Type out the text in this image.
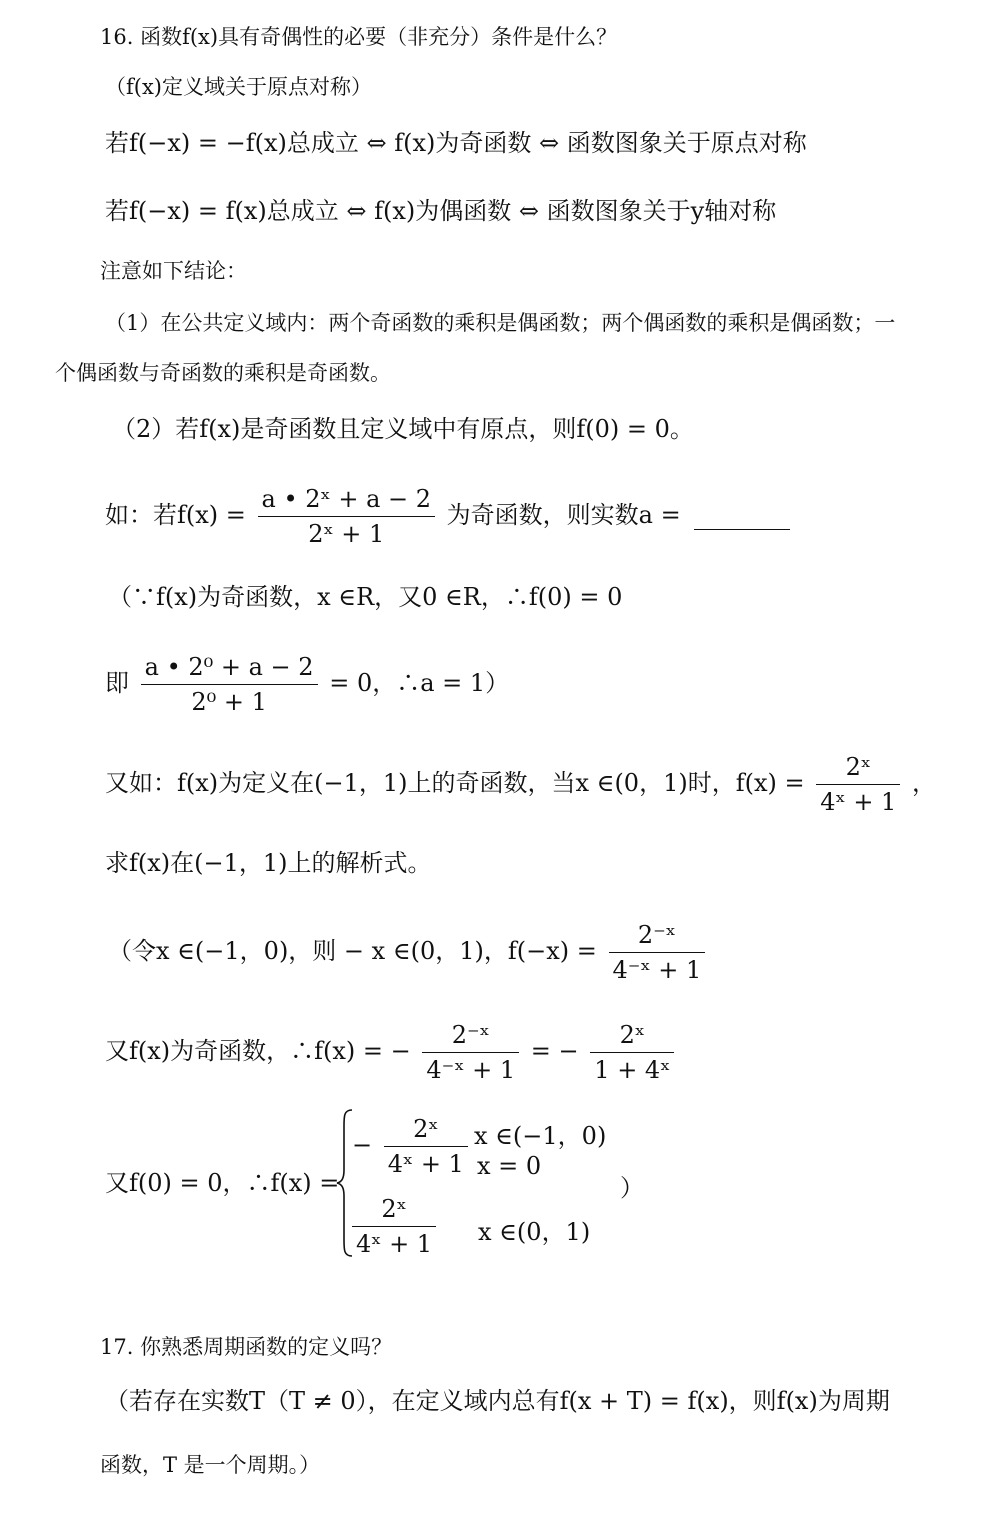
16. 函数f(x)具有奇偶性的必要（非充分）条件是什么？
（f(x)定义域关于原点对称）
若f(−x) = −f(x)总成立 ⇔ f(x)为奇函数 ⇔ 函数图象关于原点对称
若f(−x) = f(x)总成立 ⇔ f(x)为偶函数 ⇔ 函数图象关于y轴对称
注意如下结论：
（1）在公共定义域内：两个奇函数的乘积是偶函数；两个偶函数的乘积是偶函数；一
个偶函数与奇函数的乘积是奇函数。
（2）若f(x)是奇函数且定义域中有原点，则f(0) = 0。
如：若$f(x) = \frac{\text{a • 2ˣ + a − 2}}{\text{2ˣ + 1}}$ 为奇函数，则实数a =
（∵f(x)为奇函数，x ∈R，又0 ∈R，∴f(0) = 0
即 $\frac{\text{a • 2⁰ + a − 2}}{\text{2⁰ + 1}} = 0$，∴a = 1）
又如：f(x)为定义在(−1，1)上的奇函数，当x ∈(0，1)时，$f(x) = \frac{\text{2ˣ}}{\text{4ˣ + 1}}$ ，
求f(x)在(−1，1)上的解析式。
（令x ∈(−1，0)，则 − x ∈(0，1)，$f(-x) = \frac{\text{2⁻ˣ}}{\text{4⁻ˣ + 1}}$
又f(x)为奇函数，∴f(x) = − $\frac{\text{2⁻ˣ}}{\text{4⁻ˣ + 1}}$ = − $\frac{\text{2ˣ}}{\text{1 + 4ˣ}}$
又f(0) = 0，∴f(x) =
− $\frac{\text{2ˣ}}{\text{4ˣ + 1}}$ x ∈(−1，0)
x = 0
$\frac{\text{2ˣ}}{\text{4ˣ + 1}}$ x ∈(0，1)
）
17. 你熟悉周期函数的定义吗？
（若存在实数T（T ≠ 0），在定义域内总有f(x + T) = f(x)，则f(x)为周期
函数，T 是一个周期。）
